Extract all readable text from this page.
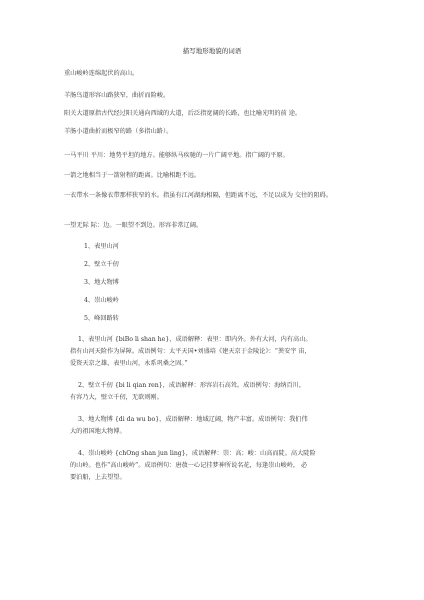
描写地形地貌的词语
重山峻岭连绵起伏的高山。
羊肠鸟道形容山路狭窄，曲折而险峻。
阳关大道原指古代经过阳关通向西域的大道，后泛指宽阔的长路，也比喻光明的前 途。
羊肠小道曲折而极窄的路（多指山路）。
一马平川 平川：地势平坦的地方。能够纵马疾驰的一片广阔平地。指广阔的平原。
一箭之地相当于一箭射程的距离。比喻相距不远。
一衣带水一条像衣带那样狭窄的水。指虽有江河湖海相隔，但距离不远，不足以成为 交往的阻碍。
一望无际 际：边。一眼望不到边。形容非常辽阔。
1、表里山河
2、壁立千仞
3、地大物博
4、崇山峻岭
5、峰回路转
1、表里山河 {biBo li shan he}，成语解释：表里：即内外。外有大河，内有高山。
指有山河天险作为屏障。成语例句：太平天国•刘盛培《建天京于金陵论》：“粪安宇 宙，
爱资天京之雄，表里山河，永系巩桑之固。”
2、壁立千仞 {bi li qian ren}，成语解释：形容岩石高耸。成语例句：海纳百川，
有容乃大，壁立千仞，无欲则刚。
3、地大物博 {di da wu bo}，成语解释：地域辽阔，物产丰富。成语例句：我们伟
大的祖国地大物博。
4、崇山峻岭 {chOng shan jun ling}，成语解释：崇：高；峻：山高而陡。高大陡险
的山岭。也作“高山峻岭”。成语例句：唐敖一心记挂梦神所说名花，每逢崇山峻岭， 必
要泊船，上去望望。
